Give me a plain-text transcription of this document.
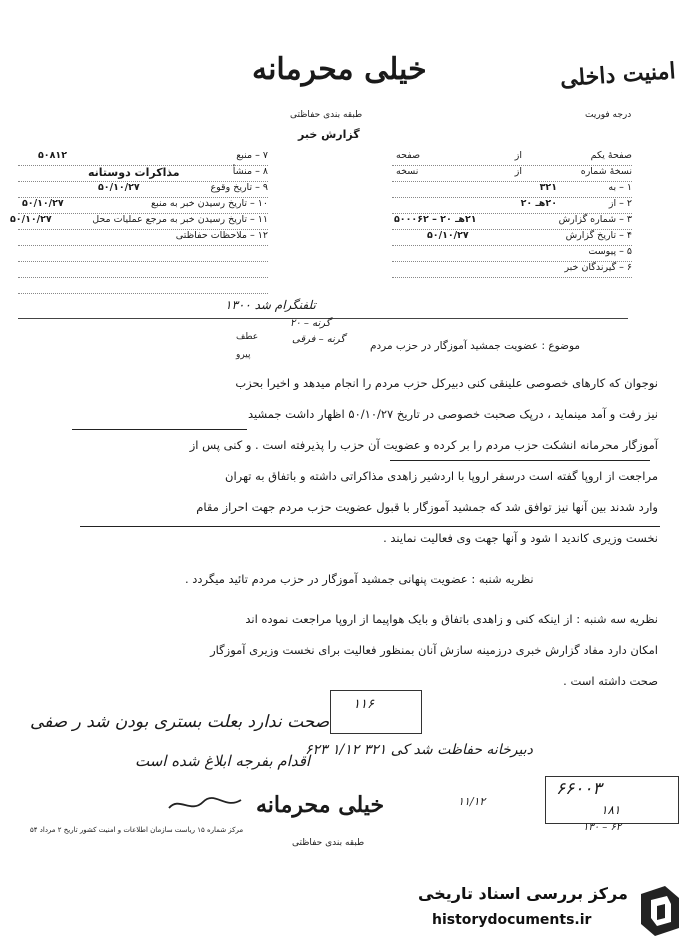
خیلی محرمانه
طبقه بندی حفاظتی
امنیت داخلی
درجه فوریت
گزارش خبر
۷ – منبع
۵۰۸۱۲
۸ – منشأ
مذاکرات دوستانه
۹ – تاریخ وقوع
۵۰/۱۰/۲۷
۱۰ – تاریخ رسیدن خبر به منبع
۵۰/۱۰/۲۷
۱۱ – تاریخ رسیدن خبر به مرجع عملیات محل
۵۰/۱۰/۲۷
۱۲ – ملاحظات حفاظتی
صفحهٔ یکم
از
صفحه
نسخهٔ شماره
از
نسخه
۱ – به
۳۲۱
۲ – از
۲۰هـ ۲۰
۳ – شماره گزارش
۲۱هـ ۲۰ – ۵۰۰۰۶۲
۴ – تاریخ گزارش
۵۰/۱۰/۲۷
۵ – پیوست
۶ – گیرندگان خبر
تلفنگرام شد ۱۳۰۰
عطف
پیرو
گرنه – ۲۰
گرنه – فرقی
موضوع : عضویت جمشید آموزگار در حزب مردم
نوجوان که کارهای خصوصی علینقی کنی دبیرکل حزب مردم را انجام میدهد و اخیرا بحزب
نیز رفت و آمد مینماید ، درپک صحبت خصوصی در تاریخ ۵۰/۱۰/۲۷ اظهار داشت جمشید
آموزگار محرمانه انشکت حزب مردم را بر کرده و عضویت آن حزب را پذیرفته است . و کنی پس از
مراجعت از اروپا گفته است درسفر اروپا با اردشیر زاهدی مذاکراتی داشته و باتفاق به تهران
وارد شدند بین آنها نیز توافق شد که جمشید آموزگار با قبول عضویت حزب مردم جهت احراز مقام
نخست وزیری کاندید ا شود و آنها جهت وی فعالیت نمایند .
نظریه شنبه : عضویت پنهانی جمشید آموزگار در حزب مردم تائید میگردد .
نظریه سه شنبه : از اینکه کنی و زاهدی باتفاق و بایک هواپیما از اروپا مراجعت نموده اند
امکان دارد مفاد گزارش خبری درزمینه سازش آنان بمنظور فعالیت برای نخست وزیری آموزگار
صحت داشته است .
صحت ندارد بعلت بستری بودن شد ر صفی
اقدام بفرجه ابلاغ شده است
۱۱۶
دبیرخانه حفاظت شد کی ۳۲۱ ۱/۱۲ ۶۲۳
۱۱/۱۲
۶۶۰۰۳
۱۸۱
۱۳۰ – ۶۲
خیلی محرمانه
مرکز شماره ۱۵ ریاست سازمان اطلاعات و امنیت کشور تاریخ ۲ مرداد ۵۴
طبقه بندی حفاظتی
مرکز بررسی اسناد تاریخی
historydocuments.ir
